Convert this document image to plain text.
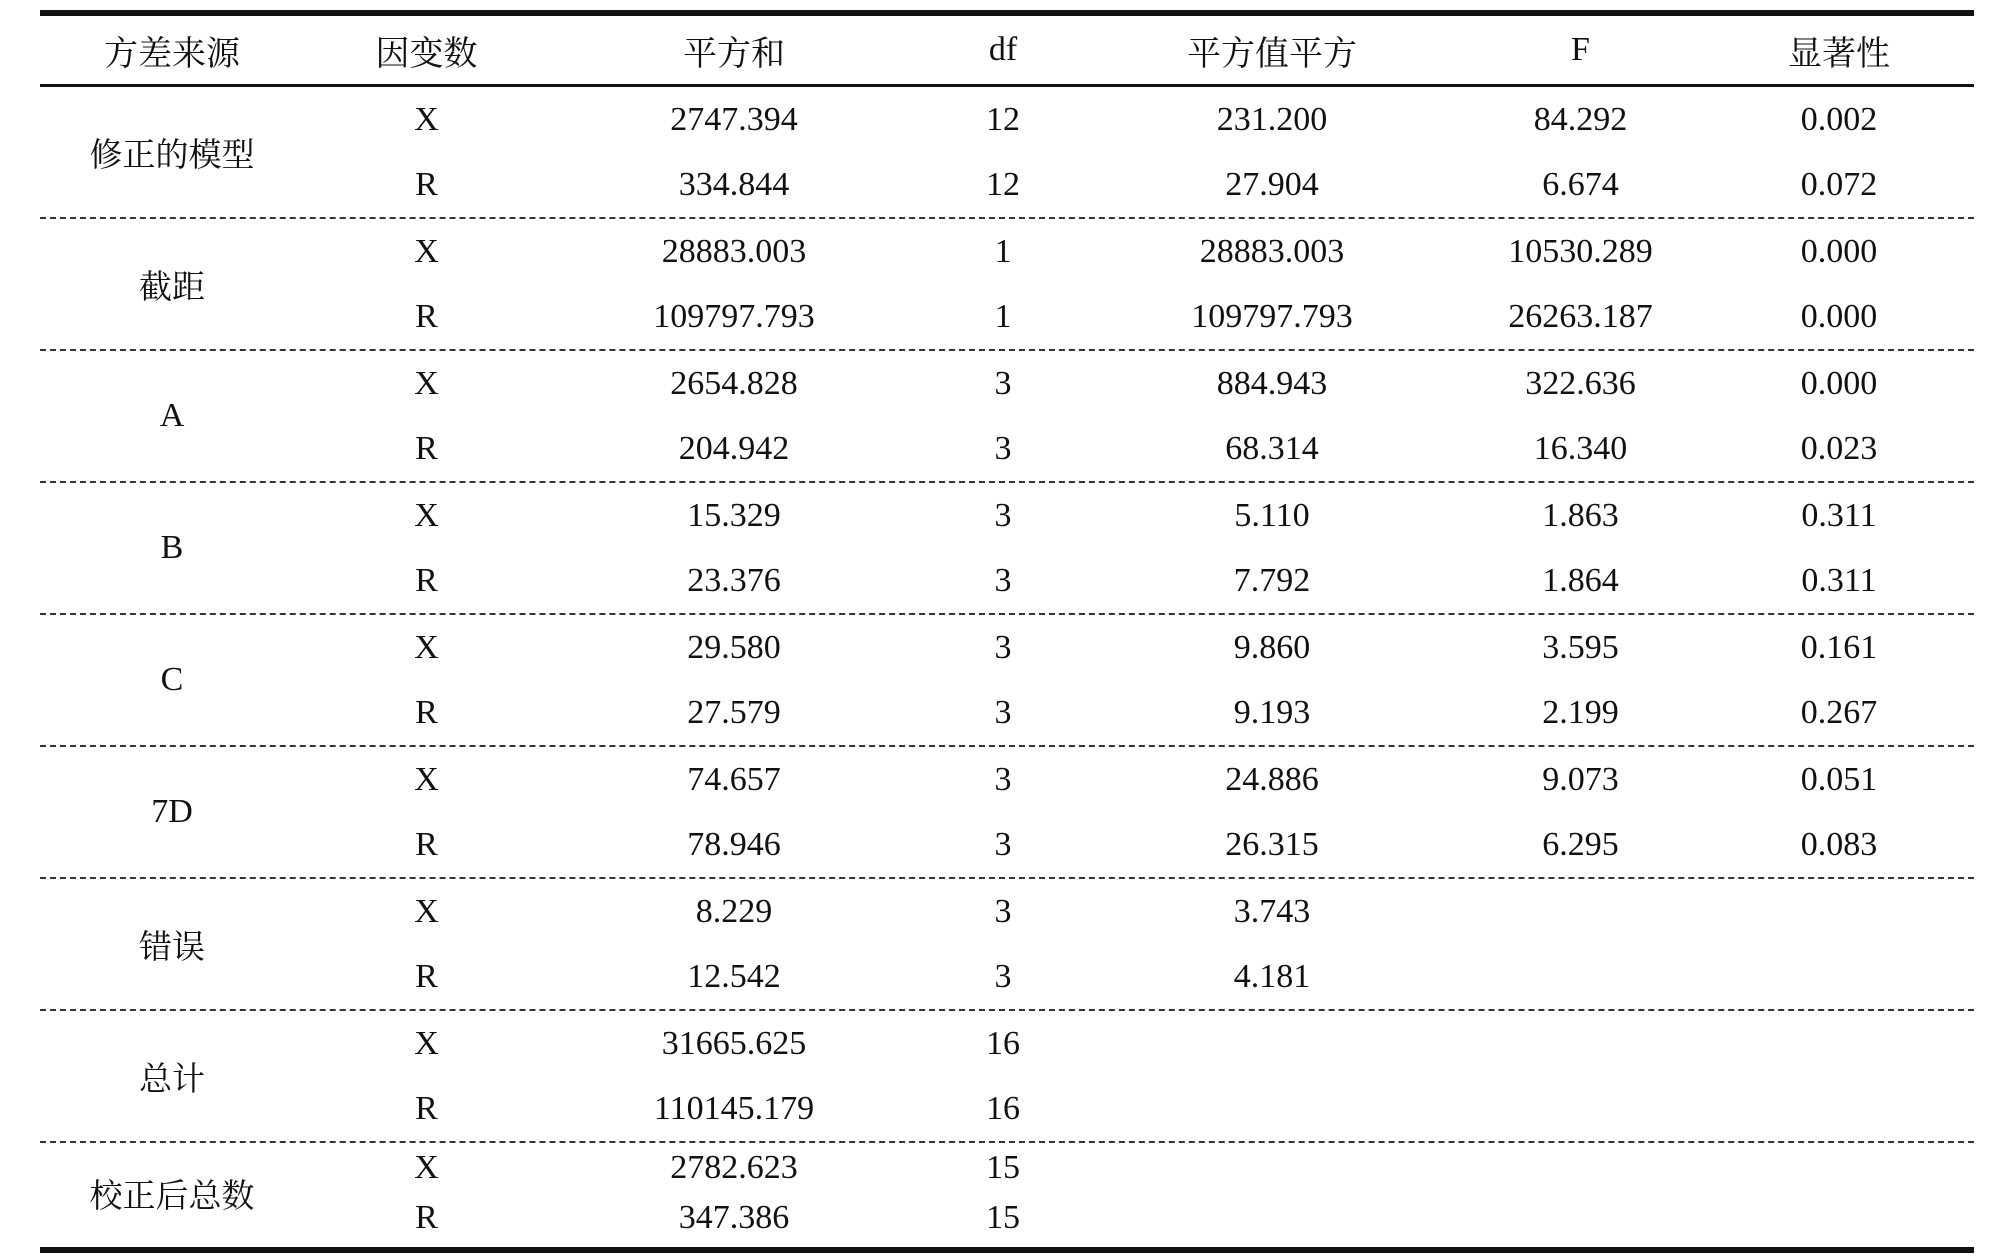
方差来源	因变数	平方和	df	平方值平方	F	显著性
修正的模型
X	2747.394	12	231.200	84.292	0.002
R	334.844	12	27.904	6.674	0.072
截距
X	28883.003	1	28883.003	10530.289	0.000
R	109797.793	1	109797.793	26263.187	0.000
A
X	2654.828	3	884.943	322.636	0.000
R	204.942	3	68.314	16.340	0.023
B
X	15.329	3	5.110	1.863	0.311
R	23.376	3	7.792	1.864	0.311
C
X	29.580	3	9.860	3.595	0.161
R	27.579	3	9.193	2.199	0.267
7D
X	74.657	3	24.886	9.073	0.051
R	78.946	3	26.315	6.295	0.083
错误
X	8.229	3	3.743
R	12.542	3	4.181
总计
X	31665.625	16
R	110145.179	16
校正后总数
X	2782.623	15
R	347.386	15
